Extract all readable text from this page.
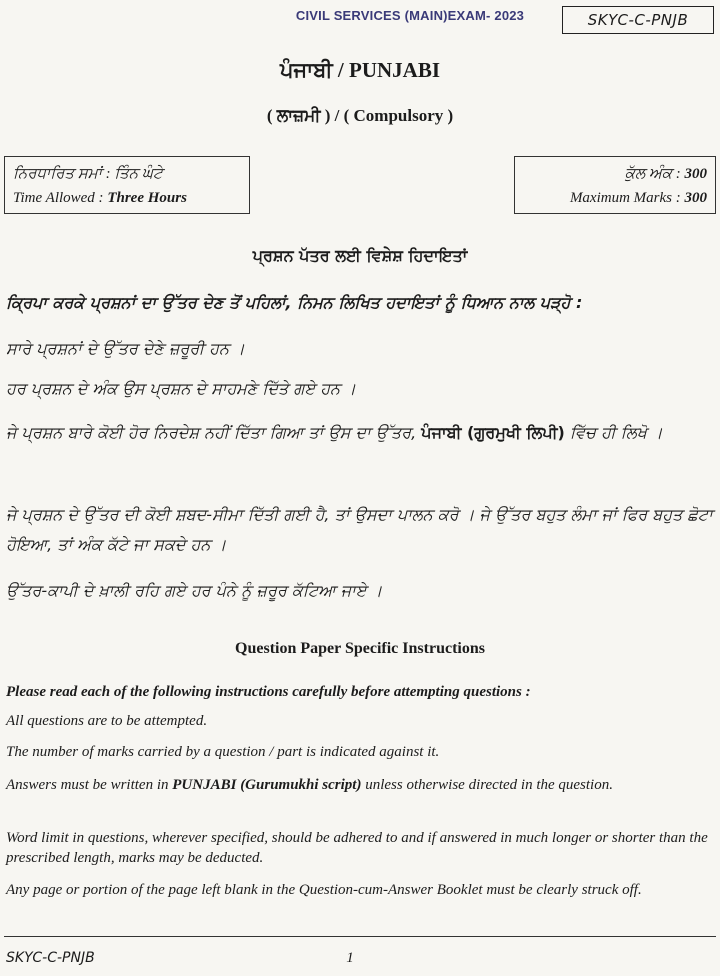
CIVIL SERVICES (MAIN)EXAM- 2023	SKYC-C-PNJB
ਪੰਜਾਬੀ / PUNJABI
( ਲਾਜ਼ਮੀ ) / ( Compulsory )
ਨਿਰਧਾਰਿਤ ਸਮਾਂ : ਤਿੰਨ ਘੰਟੇ
Time Allowed : Three Hours
ਕੁੱਲ ਅੰਕ : 300
Maximum Marks : 300
ਪ੍ਰਸ਼ਨ ਪੱਤਰ ਲਈ ਵਿਸ਼ੇਸ਼ ਹਿਦਾਇਤਾਂ
ਕ੍ਰਿਪਾ ਕਰਕੇ ਪ੍ਰਸ਼ਨਾਂ ਦਾ ਉੱਤਰ ਦੇਣ ਤੋਂ ਪਹਿਲਾਂ, ਨਿਮਨ ਲਿਖਿਤ ਹਦਾਇਤਾਂ ਨੂੰ ਧਿਆਨ ਨਾਲ ਪੜ੍ਹੋ :
ਸਾਰੇ ਪ੍ਰਸ਼ਨਾਂ ਦੇ ਉੱਤਰ ਦੇਣੇ ਜ਼ਰੂਰੀ ਹਨ ।
ਹਰ ਪ੍ਰਸ਼ਨ ਦੇ ਅੰਕ ਉਸ ਪ੍ਰਸ਼ਨ ਦੇ ਸਾਹਮਣੇ ਦਿੱਤੇ ਗਏ ਹਨ ।
ਜੇ ਪ੍ਰਸ਼ਨ ਬਾਰੇ ਕੋਈ ਹੋਰ ਨਿਰਦੇਸ਼ ਨਹੀਂ ਦਿੱਤਾ ਗਿਆ ਤਾਂ ਉਸ ਦਾ ਉੱਤਰ, ਪੰਜਾਬੀ (ਗੁਰਮੁਖੀ ਲਿਪੀ) ਵਿੱਚ ਹੀ ਲਿਖੋ ।
ਜੇ ਪ੍ਰਸ਼ਨ ਦੇ ਉੱਤਰ ਦੀ ਕੋਈ ਸ਼ਬਦ-ਸੀਮਾ ਦਿੱਤੀ ਗਈ ਹੈ, ਤਾਂ ਉਸਦਾ ਪਾਲਨ ਕਰੋ । ਜੇ ਉੱਤਰ ਬਹੁਤ ਲੰਮਾ ਜਾਂ ਫਿਰ ਬਹੁਤ ਛੋਟਾ ਹੋਇਆ, ਤਾਂ ਅੰਕ ਕੱਟੇ ਜਾ ਸਕਦੇ ਹਨ ।
ਉੱਤਰ-ਕਾਪੀ ਦੇ ਖ਼ਾਲੀ ਰਹਿ ਗਏ ਹਰ ਪੰਨੇ ਨੂੰ ਜ਼ਰੂਰ ਕੱਟਿਆ ਜਾਏ ।
Question Paper Specific Instructions
Please read each of the following instructions carefully before attempting questions :
All questions are to be attempted.
The number of marks carried by a question / part is indicated against it.
Answers must be written in PUNJABI (Gurumukhi script) unless otherwise directed in the question.
Word limit in questions, wherever specified, should be adhered to and if answered in much longer or shorter than the prescribed length, marks may be deducted.
Any page or portion of the page left blank in the Question-cum-Answer Booklet must be clearly struck off.
SKYC-C-PNJB	1
